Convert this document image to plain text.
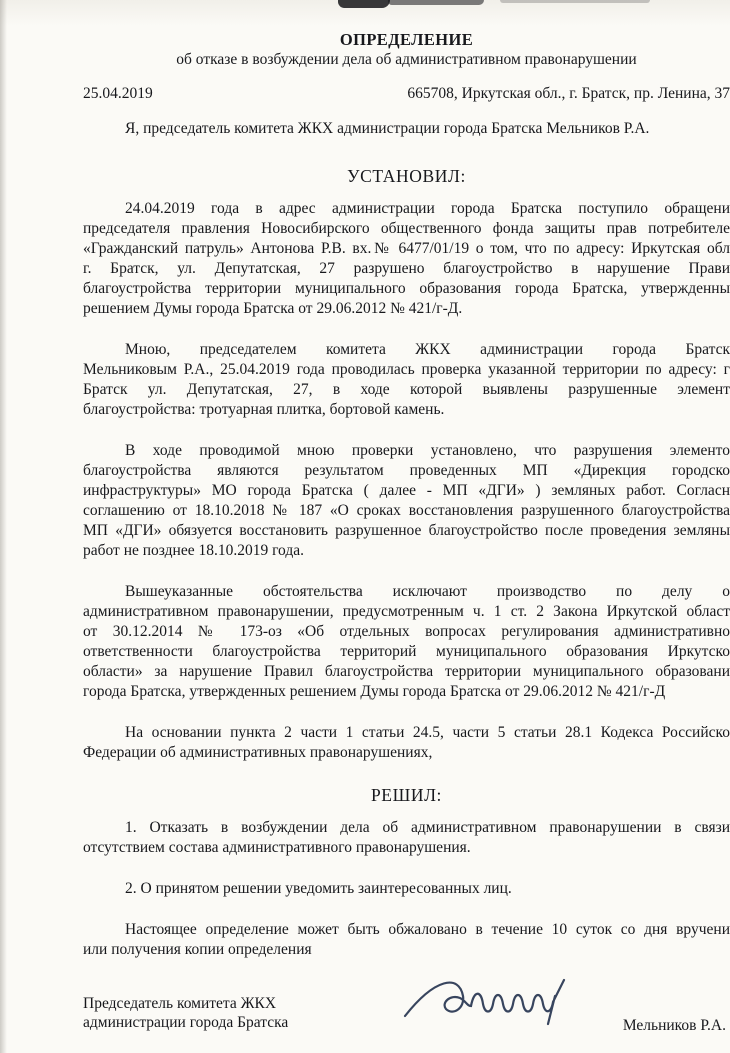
ОПРЕДЕЛЕНИЕ
об отказе в возбуждении дела об административном правонарушении
25.04.2019	665708, Иркутская обл., г. Братск, пр. Ленина, 37
Я, председатель комитета ЖКХ администрации города Братска Мельников Р.А.
УСТАНОВИЛ:
24.04.2019 года в адрес администрации города Братска поступило обращени
председателя правления Новосибирского общественного фонда защиты прав потребителе
«Гражданский патруль» Антонова Р.В. вх.№ 6477/01/19 о том, что по адресу: Иркутская обл
г. Братск, ул. Депутатская, 27 разрушено благоустройство в нарушение Прави
благоустройства территории муниципального образования города Братска, утвержденны
решением Думы города Братска от 29.06.2012 № 421/г-Д.
Мною, председателем комитета ЖКХ администрации города Братск
Мельниковым Р.А., 25.04.2019 года проводилась проверка указанной территории по адресу: г
Братск ул. Депутатская, 27, в ходе которой выявлены разрушенные элемент
благоустройства: тротуарная плитка, бортовой камень.
В ходе проводимой мною проверки установлено, что разрушения элементо
благоустройства являются результатом проведенных МП «Дирекция городско
инфраструктуры» МО города Братска ( далее - МП «ДГИ» ) земляных работ. Согласн
соглашению от 18.10.2018 № 187 «О сроках восстановления разрушенного благоустройства
МП «ДГИ» обязуется восстановить разрушенное благоустройство после проведения земляны
работ не позднее 18.10.2019 года.
Вышеуказанные обстоятельства исключают производство по делу о
административном правонарушении, предусмотренным ч. 1 ст. 2 Закона Иркутской област
от 30.12.2014 № 173-оз «Об отдельных вопросах регулирования административно
ответственности благоустройства территорий муниципального образования Иркутско
области» за нарушение Правил благоустройства территории муниципального образовани
города Братска, утвержденных решением Думы города Братска от 29.06.2012 № 421/г-Д
На основании пункта 2 части 1 статьи 24.5, части 5 статьи 28.1 Кодекса Российско
Федерации об административных правонарушениях,
РЕШИЛ:
1. Отказать в возбуждении дела об административном правонарушении в связи
отсутствием состава административного правонарушения.
2. О принятом решении уведомить заинтересованных лиц.
Настоящее определение может быть обжаловано в течение 10 суток со дня вручени
или получения копии определения
Председатель комитета ЖКХ
администрации города Братска	Мельников Р.А.
